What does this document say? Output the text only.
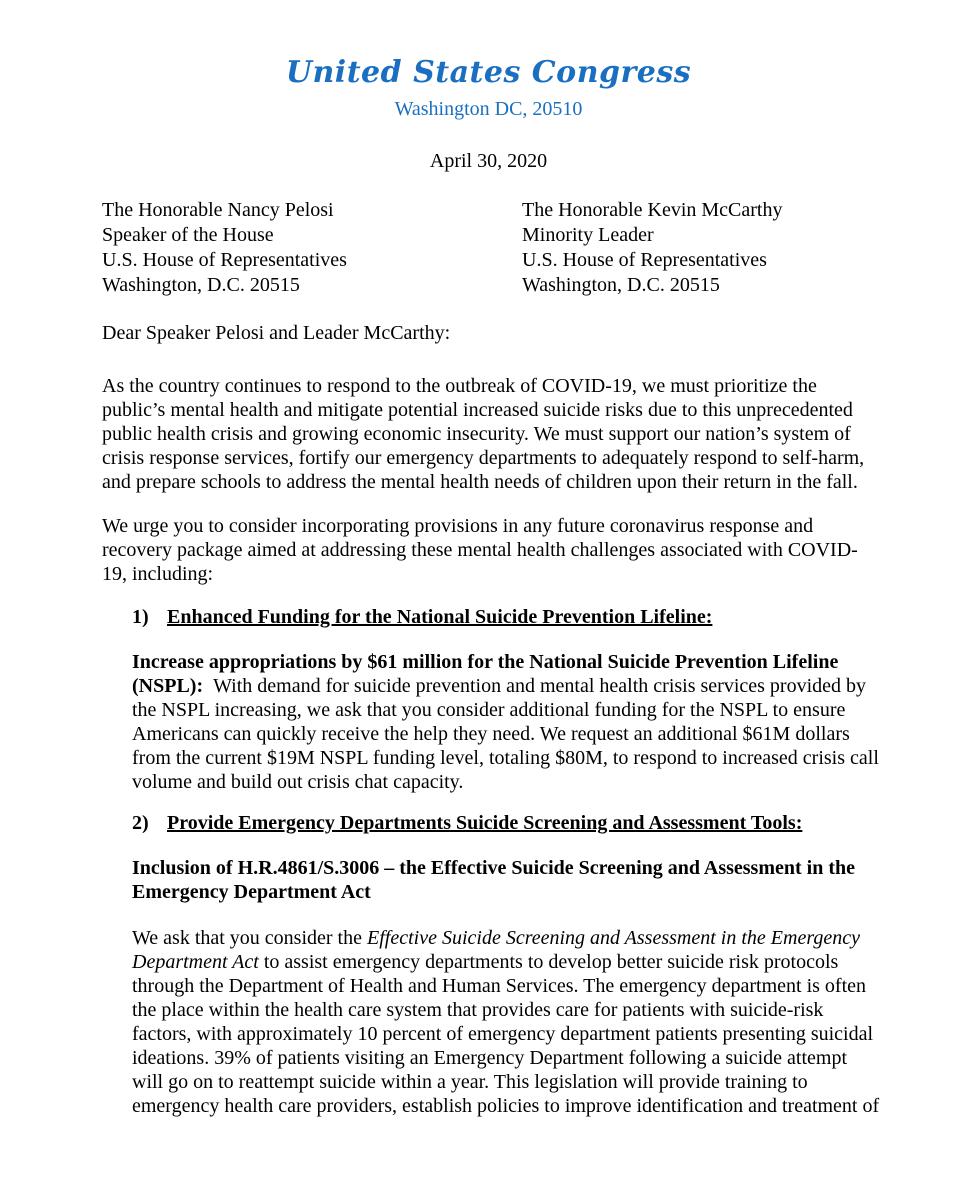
United States Congress
Washington DC, 20510
April 30, 2020
The Honorable Nancy Pelosi
Speaker of the House
U.S. House of Representatives
Washington, D.C. 20515
The Honorable Kevin McCarthy
Minority Leader
U.S. House of Representatives
Washington, D.C. 20515
Dear Speaker Pelosi and Leader McCarthy:
As the country continues to respond to the outbreak of COVID-19, we must prioritize the
public’s mental health and mitigate potential increased suicide risks due to this unprecedented
public health crisis and growing economic insecurity. We must support our nation’s system of
crisis response services, fortify our emergency departments to adequately respond to self-harm,
and prepare schools to address the mental health needs of children upon their return in the fall.
We urge you to consider incorporating provisions in any future coronavirus response and
recovery package aimed at addressing these mental health challenges associated with COVID-
19, including:
1) Enhanced Funding for the National Suicide Prevention Lifeline:
Increase appropriations by $61 million for the National Suicide Prevention Lifeline
(NSPL): With demand for suicide prevention and mental health crisis services provided by
the NSPL increasing, we ask that you consider additional funding for the NSPL to ensure
Americans can quickly receive the help they need. We request an additional $61M dollars
from the current $19M NSPL funding level, totaling $80M, to respond to increased crisis call
volume and build out crisis chat capacity.
2) Provide Emergency Departments Suicide Screening and Assessment Tools:
Inclusion of H.R.4861/S.3006 – the Effective Suicide Screening and Assessment in the
Emergency Department Act
We ask that you consider the Effective Suicide Screening and Assessment in the Emergency
Department Act to assist emergency departments to develop better suicide risk protocols
through the Department of Health and Human Services. The emergency department is often
the place within the health care system that provides care for patients with suicide-risk
factors, with approximately 10 percent of emergency department patients presenting suicidal
ideations. 39% of patients visiting an Emergency Department following a suicide attempt
will go on to reattempt suicide within a year. This legislation will provide training to
emergency health care providers, establish policies to improve identification and treatment of
